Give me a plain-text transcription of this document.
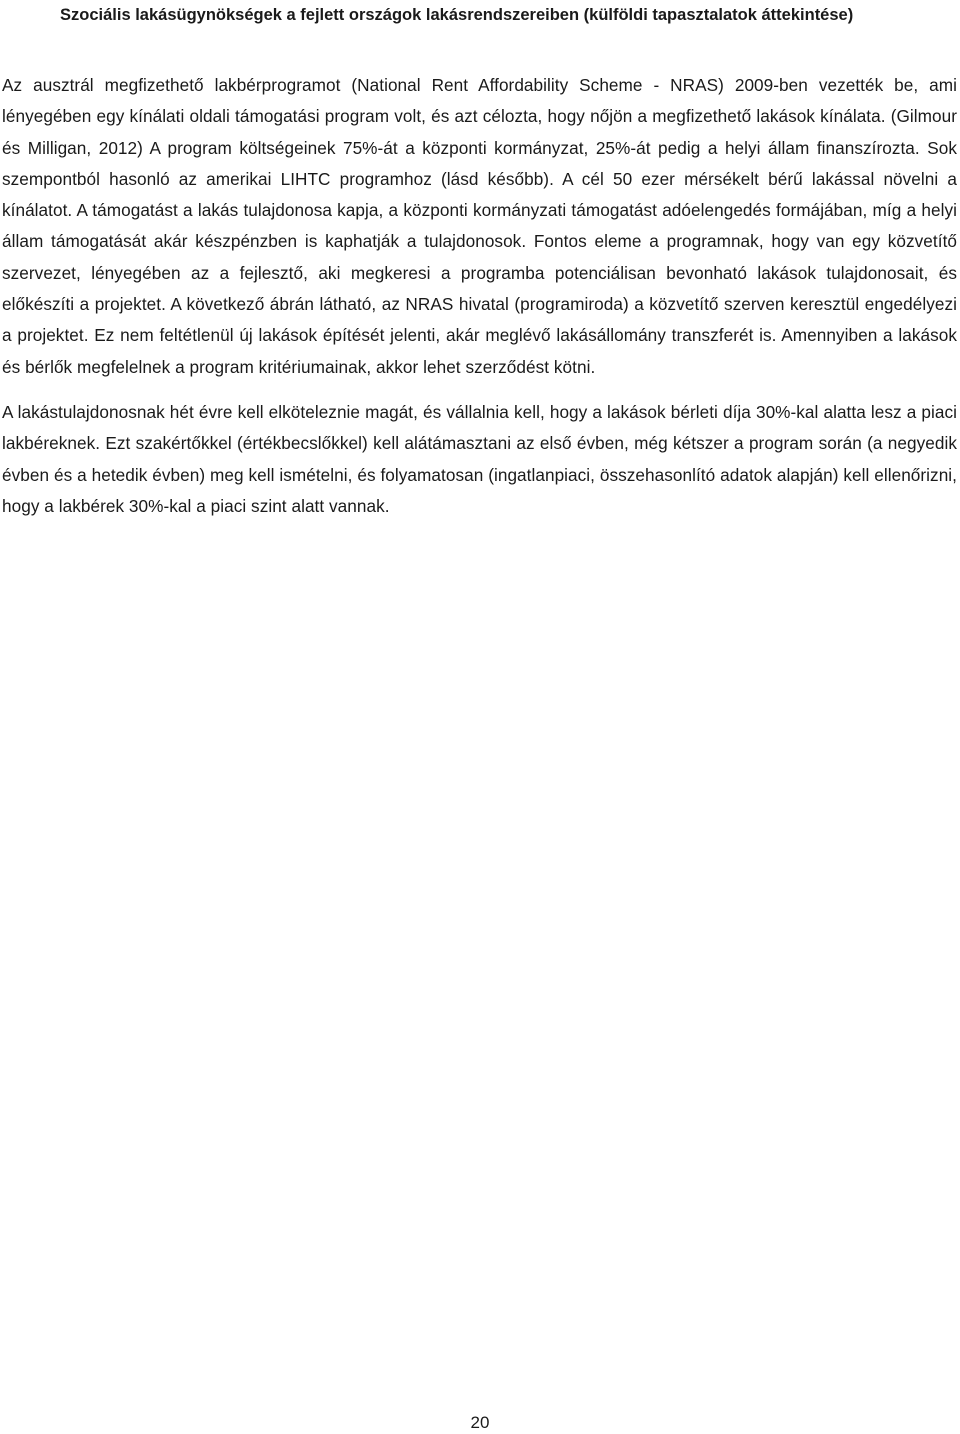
Szociális lakásügynökségek a fejlett országok lakásrendszereiben (külföldi tapasztalatok áttekintése)

Az ausztrál megfizethető lakbérprogramot (National Rent Affordability Scheme - NRAS) 2009-ben vezették be, ami lényegében egy kínálati oldali támogatási program volt, és azt célozta, hogy nőjön a megfizethető lakások kínálata. (Gilmour és Milligan, 2012) A program költségeinek 75%-át a központi kormányzat, 25%-át pedig a helyi állam finanszírozta. Sok szempontból hasonló az amerikai LIHTC programhoz (lásd később). A cél 50 ezer mérsékelt bérű lakással növelni a kínálatot. A támogatást a lakás tulajdonosa kapja, a központi kormányzati támogatást adóelengedés formájában, míg a helyi állam támogatását akár készpénzben is kaphatják a tulajdonosok. Fontos eleme a programnak, hogy van egy közvetítő szervezet, lényegében az a fejlesztő, aki megkeresi a programba potenciálisan bevonható lakások tulajdonosait, és előkészíti a projektet. A következő ábrán látható, az NRAS hivatal (programiroda) a közvetítő szerven keresztül engedélyezi a projektet. Ez nem feltétlenül új lakások építését jelenti, akár meglévő lakásállomány transzferét is. Amennyiben a lakások és bérlők megfelelnek a program kritériumainak, akkor lehet szerződést kötni.

A lakástulajdonosnak hét évre kell elköteleznie magát, és vállalnia kell, hogy a lakások bérleti díja 30%-kal alatta lesz a piaci lakbéreknek. Ezt szakértőkkel (értékbecslőkkel) kell alátámasztani az első évben, még kétszer a program során (a negyedik évben és a hetedik évben) meg kell ismételni, és folyamatosan (ingatlanpiaci, összehasonlító adatok alapján) kell ellenőrizni, hogy a lakbérek 30%-kal a piaci szint alatt vannak.

20
